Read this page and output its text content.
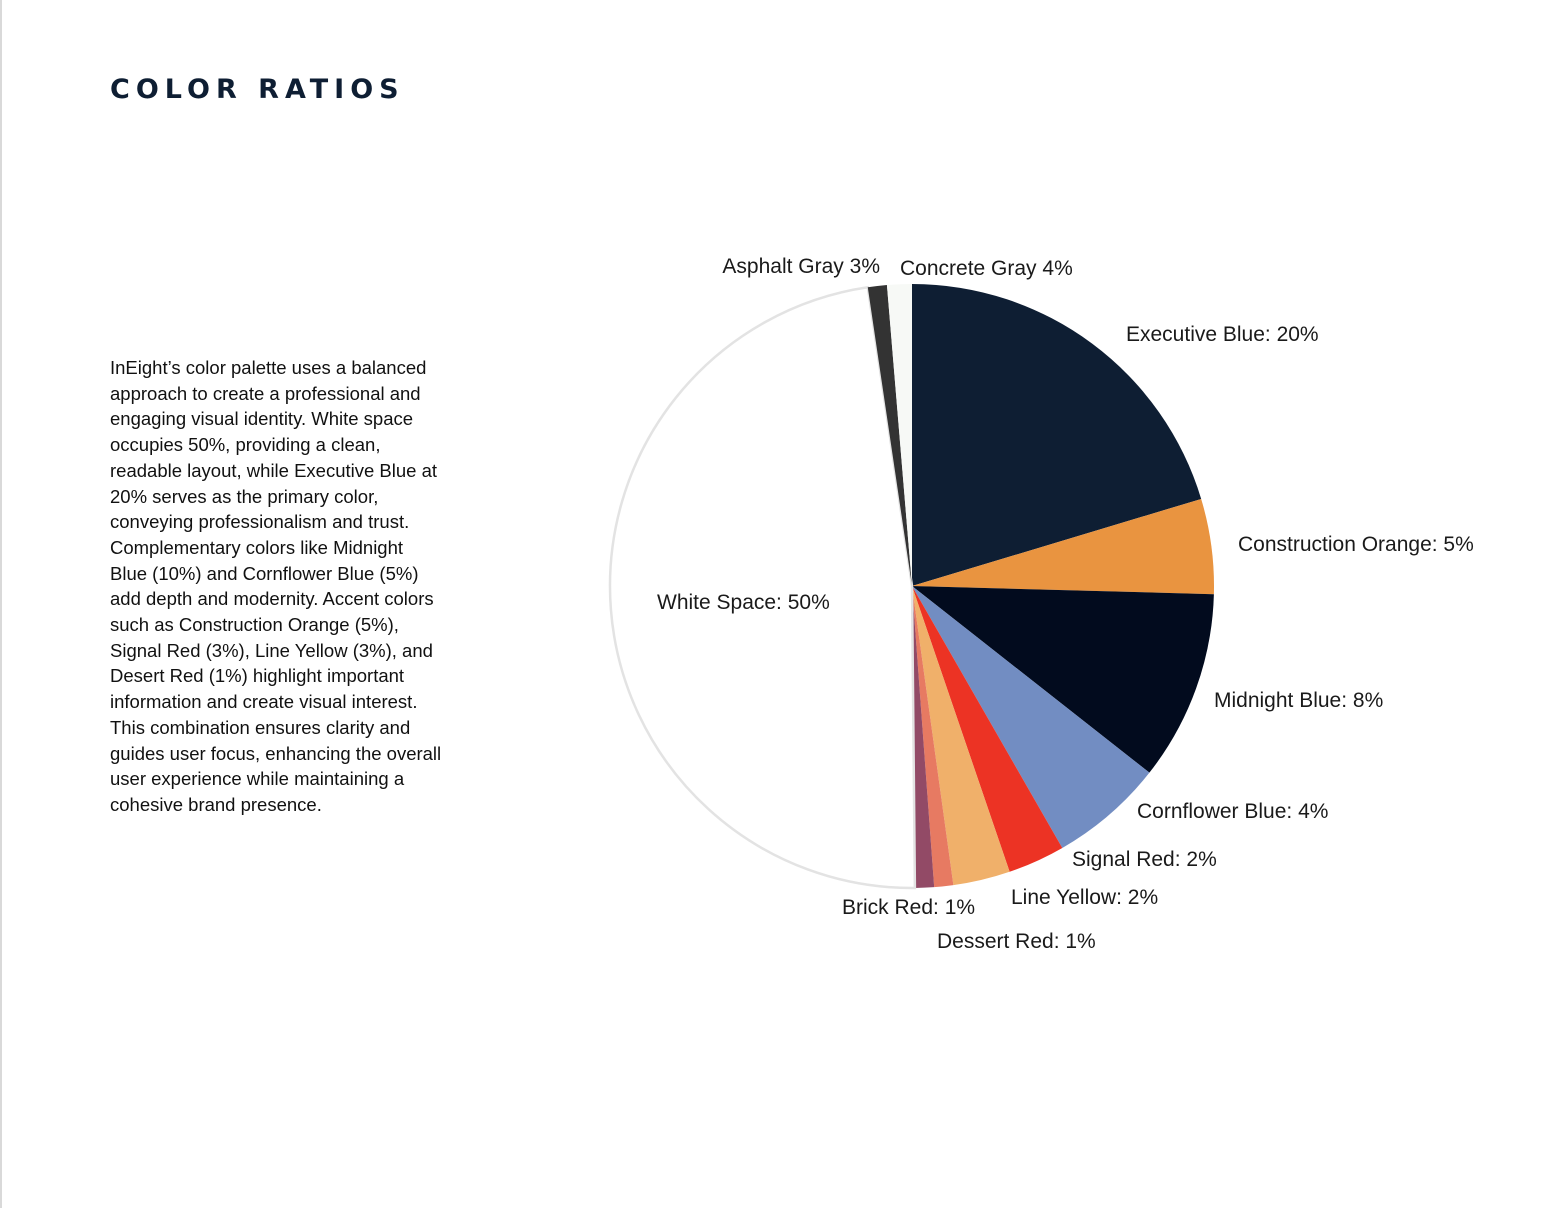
COLOR RATIOS

InEight’s color palette uses a balanced approach to create a professional and engaging visual identity. White space occupies 50%, providing a clean, readable layout, while Executive Blue at 20% serves as the primary color, conveying professionalism and trust. Complementary colors like Midnight Blue (10%) and Cornflower Blue (5%) add depth and modernity. Accent colors such as Construction Orange (5%), Signal Red (3%), Line Yellow (3%), and Desert Red (1%) highlight important information and create visual interest. This combination ensures clarity and guides user focus, enhancing the overall user experience while maintaining a cohesive brand presence.

Executive Blue: 20%
Construction Orange: 5%
Midnight Blue: 8%
Cornflower Blue: 4%
Signal Red: 2%
Line Yellow: 2%
Dessert Red: 1%
Brick Red: 1%
White Space: 50%
Asphalt Gray 3% Concrete Gray 4%
